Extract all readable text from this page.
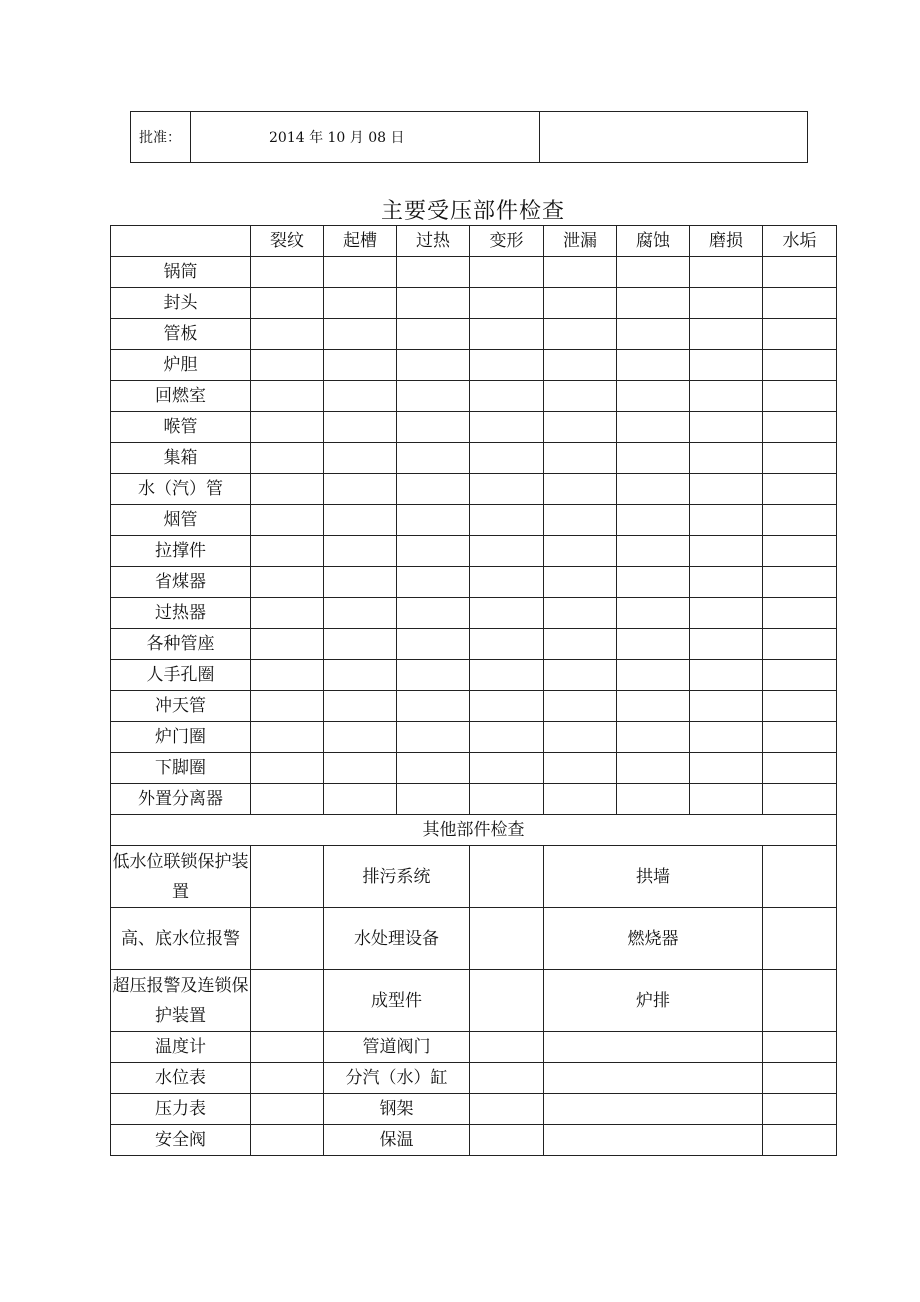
批准：	2014 年 10 月 08 日	
主要受压部件检查
	裂纹	起槽	过热	变形	泄漏	腐蚀	磨损	水垢
锅筒								
封头								
管板								
炉胆								
回燃室								
喉管								
集箱								
水（汽）管								
烟管								
拉撑件								
省煤器								
过热器								
各种管座								
人手孔圈								
冲天管								
炉门圈								
下脚圈								
外置分离器								
其他部件检查								
低水位联锁保护装置		排污系统			拱墙			
高、底水位报警		水处理设备			燃烧器			
超压报警及连锁保护装置		成型件			炉排			
温度计		管道阀门						
水位表		分汽（水）缸						
压力表		钢架						
安全阀		保温						
